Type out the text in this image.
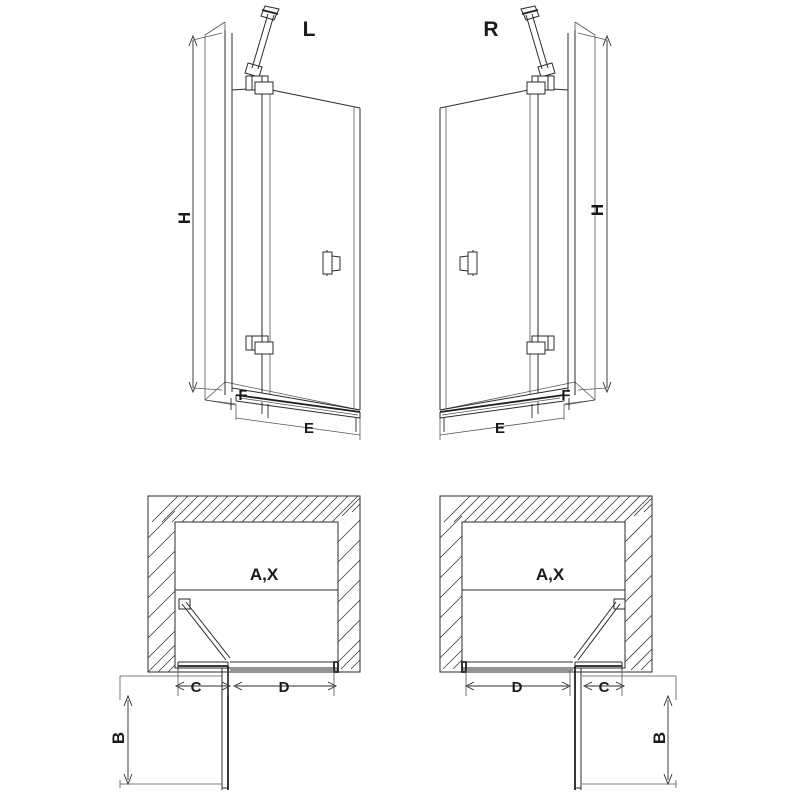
L
H
F
E
R
H
F
E
A,X
C	D
B
A,X
D	C
B
